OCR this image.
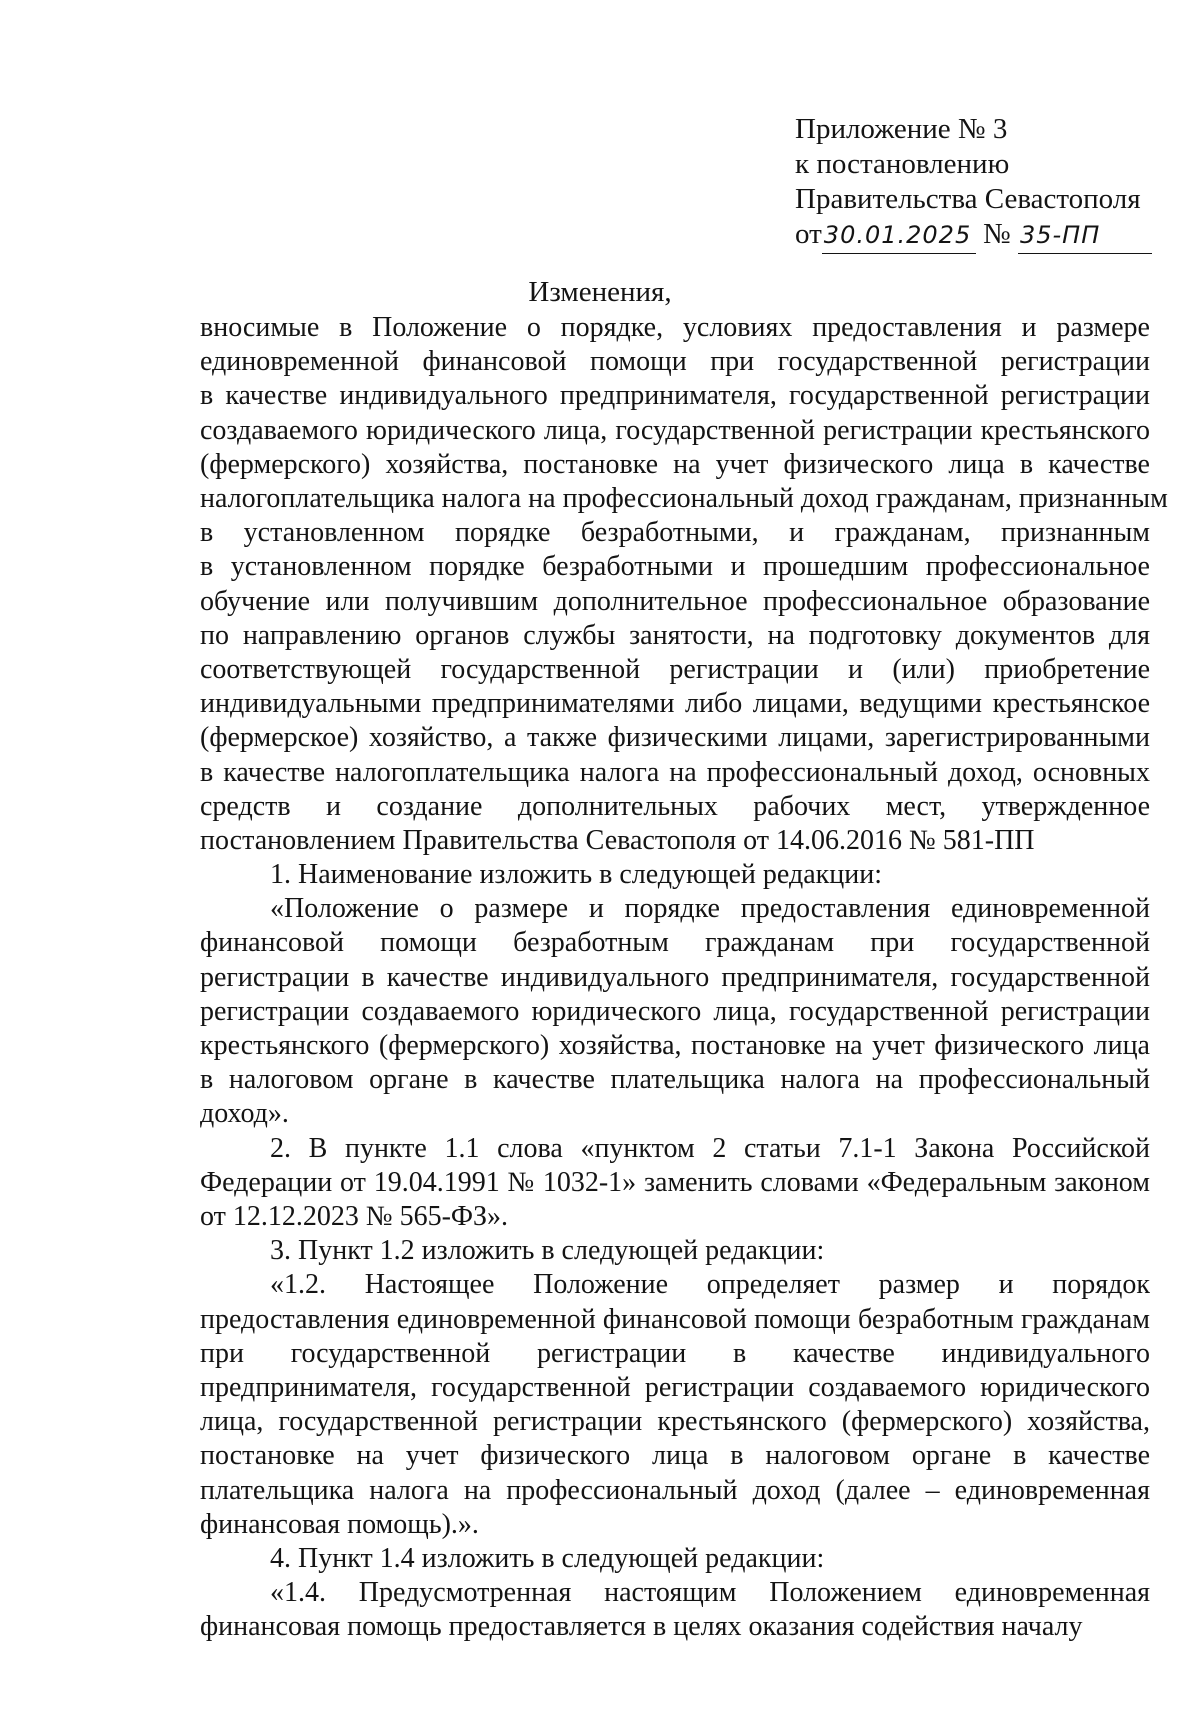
Приложение № 3
к постановлению
Правительства Севастополя
от30.01.2025 № 35-ПП
Изменения,
вносимые в Положение о порядке, условиях предоставления и размере
единовременной финансовой помощи при государственной регистрации
в качестве индивидуального предпринимателя, государственной регистрации
создаваемого юридического лица, государственной регистрации крестьянского
(фермерского) хозяйства, постановке на учет физического лица в качестве
налогоплательщика налога на профессиональный доход гражданам, признанным
в установленном порядке безработными, и гражданам, признанным
в установленном порядке безработными и прошедшим профессиональное
обучение или получившим дополнительное профессиональное образование
по направлению органов службы занятости, на подготовку документов для
соответствующей государственной регистрации и (или) приобретение
индивидуальными предпринимателями либо лицами, ведущими крестьянское
(фермерское) хозяйство, а также физическими лицами, зарегистрированными
в качестве налогоплательщика налога на профессиональный доход, основных
средств и создание дополнительных рабочих мест, утвержденное
постановлением Правительства Севастополя от 14.06.2016 № 581-ПП

1. Наименование изложить в следующей редакции:

«Положение о размере и порядке предоставления единовременной финансовой помощи безработным гражданам при государственной регистрации в качестве индивидуального предпринимателя, государственной регистрации создаваемого юридического лица, государственной регистрации крестьянского (фермерского) хозяйства, постановке на учет физического лица в налоговом органе в качестве плательщика налога на профессиональный доход».

2. В пункте 1.1 слова «пунктом 2 статьи 7.1-1 Закона Российской Федерации от 19.04.1991 № 1032-1» заменить словами «Федеральным законом от 12.12.2023 № 565-ФЗ».

3. Пункт 1.2 изложить в следующей редакции:

«1.2. Настоящее Положение определяет размер и порядок предоставления единовременной финансовой помощи безработным гражданам при государственной регистрации в качестве индивидуального предпринимателя, государственной регистрации создаваемого юридического лица, государственной регистрации крестьянского (фермерского) хозяйства, постановке на учет физического лица в налоговом органе в качестве плательщика налога на профессиональный доход (далее – единовременная финансовая помощь).».

4. Пункт 1.4 изложить в следующей редакции:

«1.4. Предусмотренная настоящим Положением единовременная финансовая помощь предоставляется в целях оказания содействия началу
